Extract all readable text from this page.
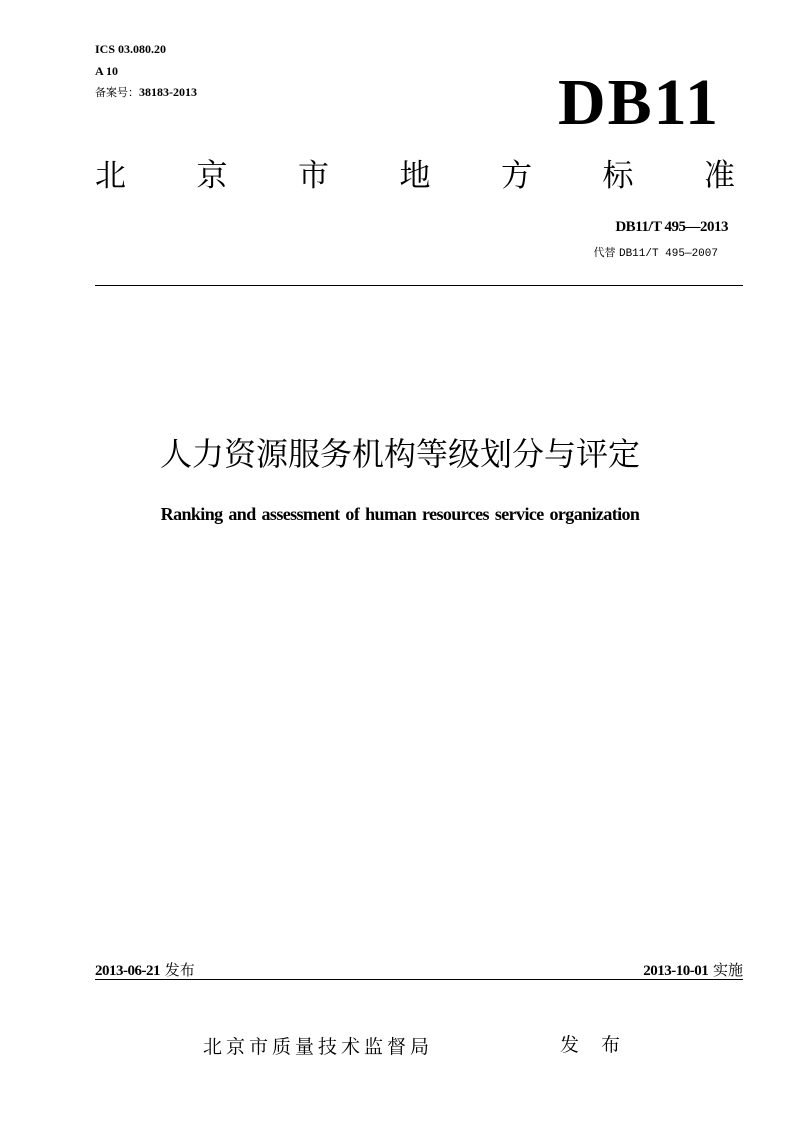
ICS 03.080.20
A 10
备案号：38183-2013	DB11
北 京 市 地 方 标 准
DB11/T 495—2013
代替 DB11/T 495—2007
人力资源服务机构等级划分与评定
Ranking and assessment of human resources service organization
2013-06-21 发布	2013-10-01 实施
北京市质量技术监督局	发 布
